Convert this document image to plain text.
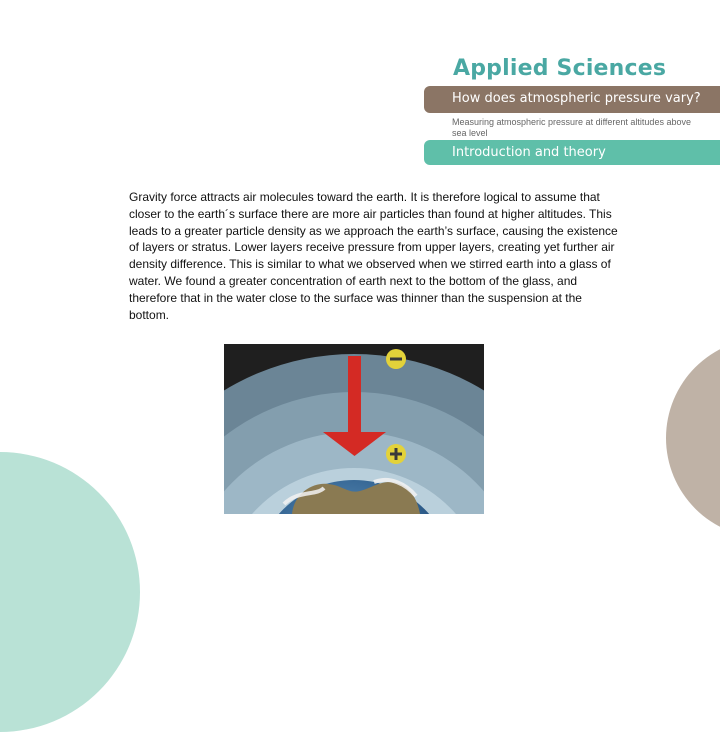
Applied Sciences
How does atmospheric pressure vary?
Measuring atmospheric pressure at different altitudes above sea level
Introduction and theory
Gravity force attracts air molecules toward the earth. It is therefore logical to assume that closer to the earth´s surface there are more air particles than found at higher altitudes. This leads to a greater particle density as we approach the earth’s surface, causing the existence of layers or stratus. Lower layers receive pressure from upper layers, creating yet further air density difference. This is similar to what we observed when we stirred earth into a glass of water. We found a greater concentration of earth next to the bottom of the glass, and therefore that in the water close to the surface was thinner than the suspension at the bottom.
